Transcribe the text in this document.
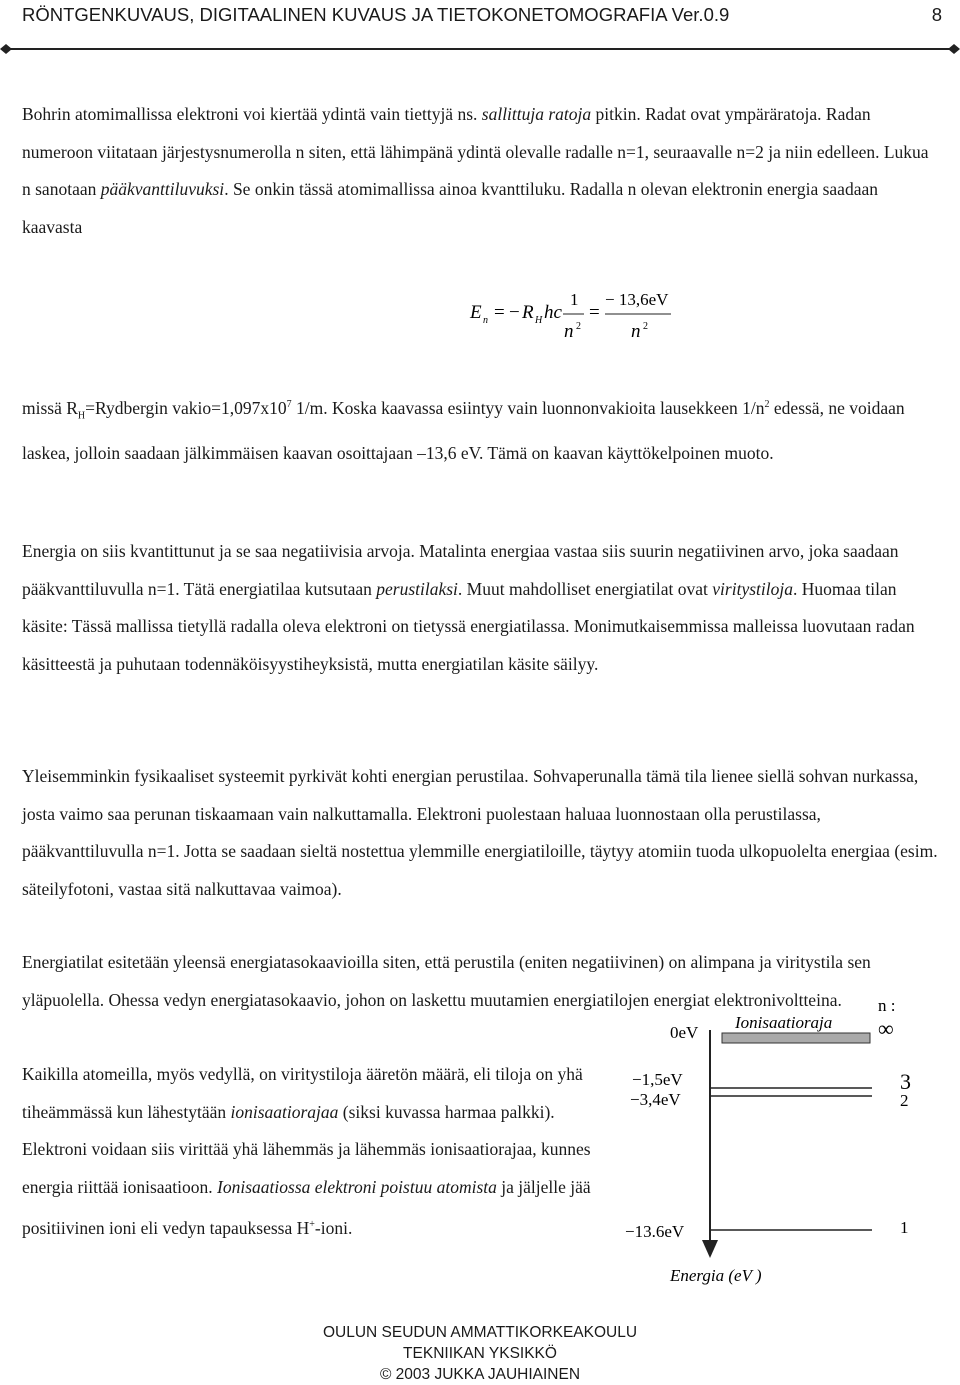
RÖNTGENKUVAUS, DIGITAALINEN KUVAUS JA TIETOKONETOMOGRAFIA Ver.0.9	8

Bohrin atomimallissa elektroni voi kiertää ydintä vain tiettyjä ns. sallittuja ratoja pitkin. Radat ovat ympäräratoja. Radan numeroon viitataan järjestysnumerolla n siten, että lähimpänä ydintä olevalle radalle n=1, seuraavalle n=2 ja niin edelleen. Lukua n sanotaan pääkvanttiluvuksi. Se onkin tässä atomimallissa ainoa kvanttiluku. Radalla n olevan elektronin energia saadaan kaavasta

E n = − R H hc
1
n 2
=
− 13,6eV
n 2

missä $R_H=Rydbergin$ $vakio=1,097x10^7$ 1/m. Koska kaavassa esiintyy vain luonnonvakioita lausekkeen $1/n^2$ edessä, ne voidaan laskea, jolloin saadaan jälkimmäisen kaavan osoittajaan –13,6 eV. Tämä on kaavan käyttökelpoinen muoto.

Energia on siis kvantittunut ja se saa negatiivisia arvoja. Matalinta energiaa vastaa siis suurin negatiivinen arvo, joka saadaan pääkvanttiluvulla n=1. Tätä energiatilaa kutsutaan perustilaksi. Muut mahdolliset energiatilat ovat viritystiloja. Huomaa tilan käsite: Tässä mallissa tietyllä radalla oleva elektroni on tietyssä energiatilassa. Monimutkaisemmissa malleissa luovutaan radan käsitteestä ja puhutaan todennäköisyystiheyksistä, mutta energiatilan käsite säilyy.

Yleisemminkin fysikaaliset systeemit pyrkivät kohti energian perustilaa. Sohvaperunalla tämä tila lienee siellä sohvan nurkassa, josta vaimo saa perunan tiskaamaan vain nalkuttamalla. Elektroni puolestaan haluaa luonnostaan olla perustilassa, pääkvanttiluvulla n=1. Jotta se saadaan sieltä nostettua ylemmille energiatiloille, täytyy atomiin tuoda ulkopuolelta energiaa (esim. säteilyfotoni, vastaa sitä nalkuttavaa vaimoa).

Energiatilat esitetään yleensä energiatasokaavioilla siten, että perustila (eniten negatiivinen) on alimpana ja viritystila sen yläpuolella. Ohessa vedyn energiatasokaavio, johon on laskettu muutamien energiatilojen energiat elektronivoltteina.

Kaikilla atomeilla, myös vedyllä, on viritystiloja ääretön määrä, eli tiloja on yhä tiheämmässä kun lähestytään ionisaatiorajaa (siksi kuvassa harmaa palkki). Elektroni voidaan siis virittää yhä lähemmäs ja lähemmäs ionisaatiorajaa, kunnes energia riittää ionisaatioon. Ionisaatiossa elektroni poistuu atomista ja jäljelle jää positiivinen ioni eli vedyn tapauksessa H+-ioni.

n :
Ionisaatioraja ∞
0eV
−1,5eV	3
−3,4eV	2
−13.6eV	1
Energia (eV )
OULUN SEUDUN AMMATTIKORKEAKOULU
TEKNIIKAN YKSIKKÖ
© 2003 JUKKA JAUHIAINEN
